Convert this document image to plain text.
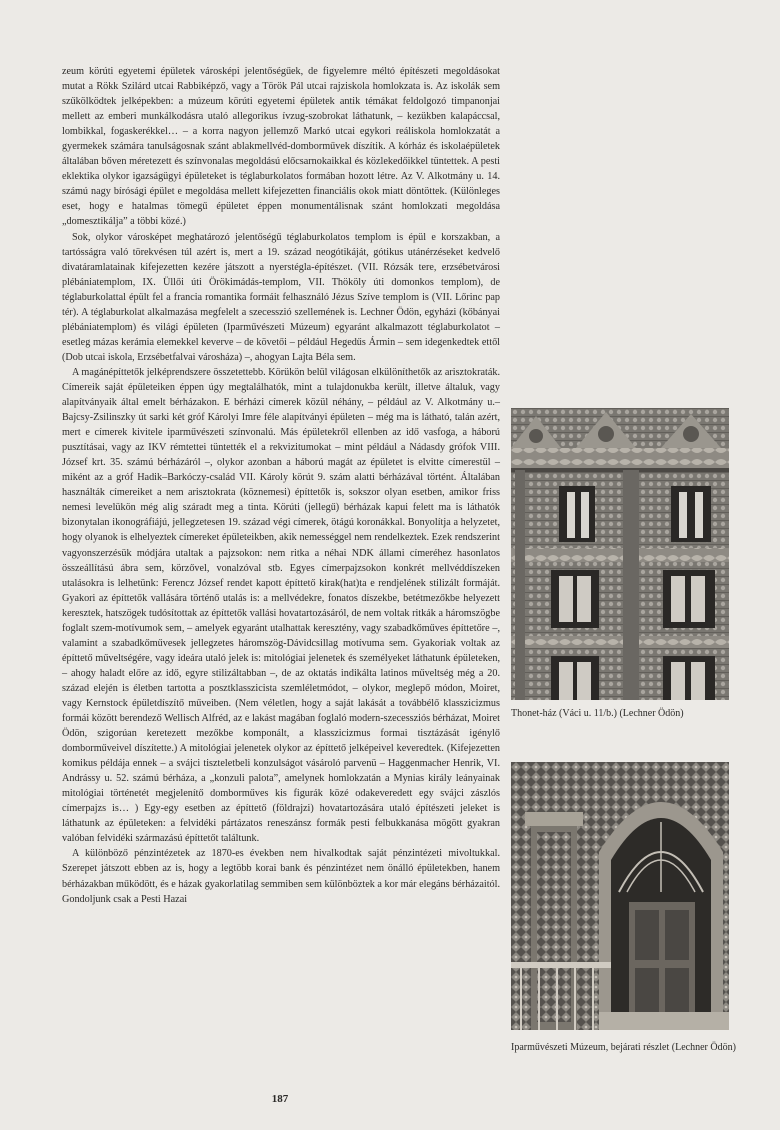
zeum körúti egyetemi épületek városképi jelentőségűek, de figyelemre méltó építészeti megoldásokat mutat a Rökk Szilárd utcai Rabbiképző, vagy a Török Pál utcai rajziskola homlokzata is. Az iskolák sem szűkölködtek jelképekben: a múzeum körúti egyetemi épületek antik témákat feldolgozó timpanonjai mellett az emberi munkálkodásra utaló allegorikus ívzug-szobrokat láthatunk, – kezükben kalapáccsal, lombikkal, fogaskerékkel… – a korra nagyon jellemző Markó utcai egykori reáliskola homlokzatát a gyermekek számára tanulságosnak szánt ablakmellvéd-domborművek díszítik. A kórház és iskolaépületek általában bőven méretezett és színvonalas megoldású előcsarnokaikkal és közlekedőikkel tüntettek. A pesti eklektika olykor igazságügyi épületeket is téglaburkolatos formában hozott létre. Az V. Alkotmány u. 14. számú nagy bírósági épület e megoldása mellett kifejezetten financiális okok miatt döntöttek. (Különleges eset, hogy e hatalmas tömegű épületet éppen monumentálisnak szánt homlokzati megoldása „domesztikálja” a többi közé.)

Sok, olykor városképet meghatározó jelentőségű téglaburkolatos templom is épül e korszakban, a tartósságra való törekvésen túl azért is, mert a 19. század neogótikáját, gótikus utánérzéseket kedvelő divatáramlatainak kifejezetten kezére játszott a nyerstégla-építészet. (VII. Rózsák tere, erzsébetvárosi plébániatemplom, IX. Üllői úti Örökimádás-templom, VII. Thököly úti domonkos templom), de téglaburkolattal épült fel a francia romantika formáit felhasználó Jézus Szíve templom is (VII. Lőrinc pap tér). A téglaburkolat alkalmazása megfelelt a szecesszió szellemének is. Lechner Ödön, egyházi (kőbányai plébániatemplom) és világi épületen (Iparművészeti Múzeum) egyaránt alkalmazott téglaburkolatot – esetleg mázas kerámia elemekkel keverve – de követői – például Hegedűs Ármin – sem idegenkedtek ettől (Dob utcai iskola, Erzsébetfalvai városháza) –, ahogyan Lajta Béla sem.

A magánépíttetők jelképrendszere összetettebb. Körükön belül világosan elkülöníthetők az arisztokraták. Címereik saját épületeiken éppen úgy megtalálhatók, mint a tulajdonukba került, illetve általuk, vagy alapítványaik által emelt bérházakon. E bérházi címerek közül néhány, – például az V. Alkotmány u.–Bajcsy-Zsilinszky út sarki két gróf Károlyi Imre féle alapítványi épületen – még ma is látható, talán azért, mert e címerek kivitele iparművészeti színvonalú. Más épületekről ellenben az idő vasfoga, a háború pusztításai, vagy az IKV rémtettei tüntették el a rekvizitumokat – mint például a Nádasdy grófok VIII. József krt. 35. számú bérházáról –, olykor azonban a háború magát az épületet is elvitte címerestül – miként az a gróf Hadik–Barkóczy-család VII. Károly körút 9. szám alatti bérházával történt. Általában használták címereiket a nem arisztokrata (köznemesi) építtetők is, sokszor olyan esetben, amikor friss nemesi levelükön még alig száradt meg a tinta. Körúti (jellegű) bérházak kapui felett ma is láthatók bizonytalan ikonográfiájú, jellegzetesen 19. század végi címerek, ötágú koronákkal. Bonyolítja a helyzetet, hogy olyanok is elhelyeztek címereket épületeikben, akik nemességgel nem rendelkeztek. Ezek rendszerint vagyonszerzésük módjára utaltak a pajzsokon: nem ritka a néhai NDK állami címeréhez hasonlatos összeállítású ábra sem, körzővel, vonalzóval stb. Egyes címerpajzsokon konkrét mellvéddíszeken utalásokra is lelhetünk: Ferencz József rendet kapott építtető kirak(hat)ta e rendjelének stilizált formáját. Gyakori az építtetők vallására történő utalás is: a mellvédekre, fonatos díszekbe, betétmezőkbe helyezett keresztek, hatszögek tudósítottak az építtetők vallási hovatartozásáról, de nem voltak ritkák a háromszögbe foglalt szem-motívumok sem, – amelyek egyaránt utalhattak keresztény, vagy szabadkőműves építtetőre –, valamint a szabadkőművesek jellegzetes háromszög-Dávidcsillag motívuma sem. Gyakoriak voltak az építtető műveltségére, vagy ideára utaló jelek is: mitológiai jelenetek és személyeket láthatunk épületeken, – ahogy haladt előre az idő, egyre stilizáltabban –, de az oktatás indikálta latinos műveltség még a 20. század elején is életben tartotta a posztklasszicista szemléletmódot, – olykor, meglepő módon, Moiret, vagy Kernstock épületdíszítő műveiben. (Nem véletlen, hogy a saját lakását a továbbélő klasszicizmus formái között berendező Wellisch Alfréd, az e lakást magában foglaló modern-szecessziós bérházat, Moiret Ödön, szigorúan keretezett mezőkbe komponált, a klasszicizmus formai tisztázását igénylő domborműveivel díszítette.) A mitológiai jelenetek olykor az építtető jelképeivel keveredtek. (Kifejezetten komikus példája ennek – a svájci tiszteletbeli konzulságot vásároló parvenü – Haggenmacher Henrik, VI. Andrássy u. 52. számú bérháza, a „konzuli palota”, amelynek homlokzatán a Mynias király leányainak mitológiai történetét megjelenítő domborműves kis figurák közé odakeveredett egy svájci zászlós címerpajzs is… ) Egy-egy esetben az építtető (földrajzi) hovatartozására utaló építészeti jeleket is láthatunk az épületeken: a felvidéki pártázatos reneszánsz formák pesti felbukkanása mögött gyakran valóban felvidéki származású építtetőt találtunk.

A különböző pénzintézetek az 1870-es években nem hivalkodtak saját pénzintézeti mivoltukkal. Szerepet játszott ebben az is, hogy a legtöbb korai bank és pénzintézet nem önálló épületekben, hanem bérházakban működött, és e házak gyakorlatilag semmiben sem különböztek a kor már elegáns bérházaitól. Gondoljunk csak a Pesti Hazai

Thonet-ház (Váci u. 11/b.) (Lechner Ödön)
Iparművészeti Múzeum, bejárati részlet (Lechner Ödön)
187
